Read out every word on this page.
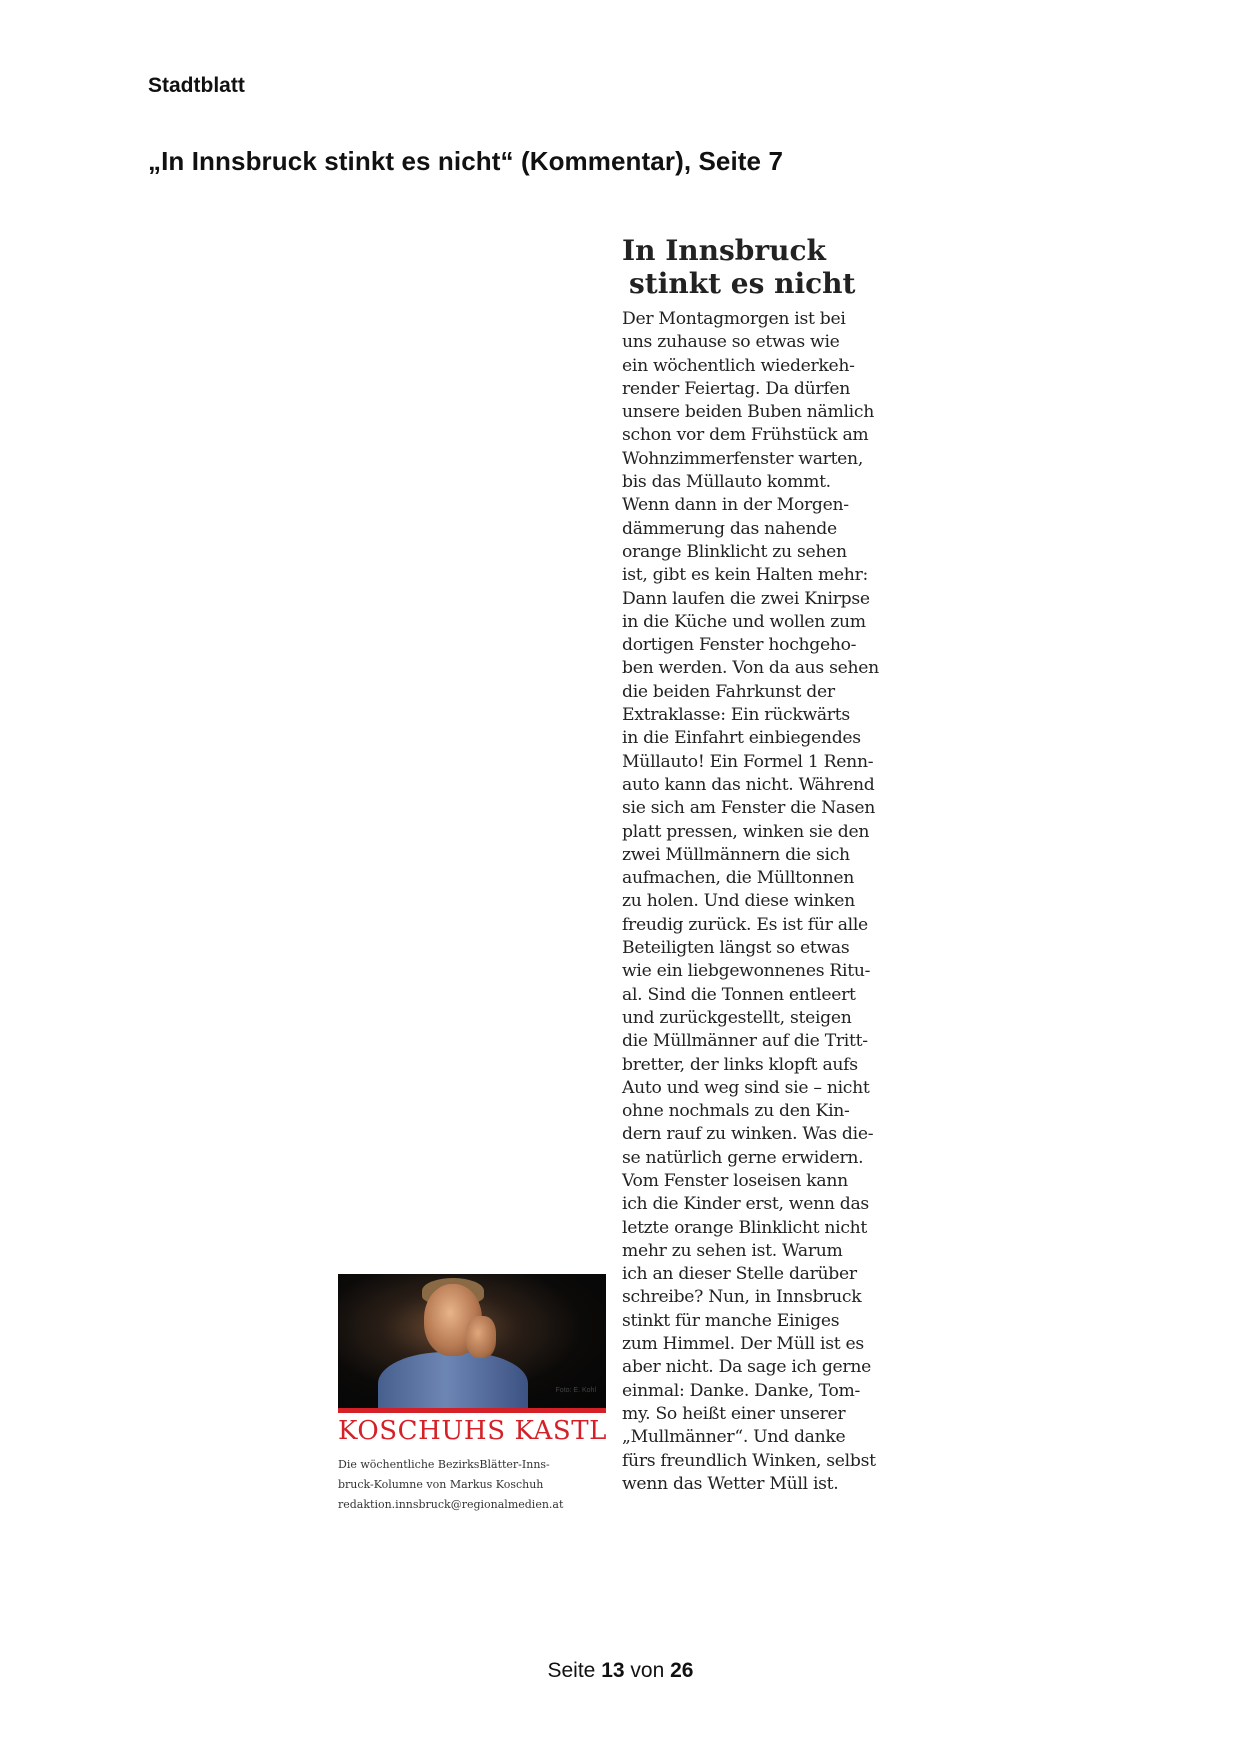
Stadtblatt
„In Innsbruck stinkt es nicht“ (Kommentar), Seite 7
In Innsbruck
stinkt es nicht
Der Montagmorgen ist bei
uns zuhause so etwas wie
ein wöchentlich wiederkeh-
render Feiertag. Da dürfen
unsere beiden Buben nämlich
schon vor dem Frühstück am
Wohnzimmerfenster warten,
bis das Müllauto kommt.
Wenn dann in der Morgen-
dämmerung das nahende
orange Blinklicht zu sehen
ist, gibt es kein Halten mehr:
Dann laufen die zwei Knirpse
in die Küche und wollen zum
dortigen Fenster hochgeho-
ben werden. Von da aus sehen
die beiden Fahrkunst der
Extraklasse: Ein rückwärts
in die Einfahrt einbiegendes
Müllauto! Ein Formel 1 Renn-
auto kann das nicht. Während
sie sich am Fenster die Nasen
platt pressen, winken sie den
zwei Müllmännern die sich
aufmachen, die Mülltonnen
zu holen. Und diese winken
freudig zurück. Es ist für alle
Beteiligten längst so etwas
wie ein liebgewonnenes Ritu-
al. Sind die Tonnen entleert
und zurückgestellt, steigen
die Müllmänner auf die Tritt-
bretter, der links klopft aufs
Auto und weg sind sie – nicht
ohne nochmals zu den Kin-
dern rauf zu winken. Was die-
se natürlich gerne erwidern.
Vom Fenster loseisen kann
ich die Kinder erst, wenn das
letzte orange Blinklicht nicht
mehr zu sehen ist. Warum
ich an dieser Stelle darüber
schreibe? Nun, in Innsbruck
stinkt für manche Einiges
zum Himmel. Der Müll ist es
aber nicht. Da sage ich gerne
einmal: Danke. Danke, Tom-
my. So heißt einer unserer
„Mullmänner“. Und danke
fürs freundlich Winken, selbst
wenn das Wetter Müll ist.
Foto: E. Kohl
KOSCHUHS KASTL
Die wöchentliche BezirksBlätter-Inns-
bruck-Kolumne von Markus Koschuh
redaktion.innsbruck@regionalmedien.at
Seite 13 von 26
